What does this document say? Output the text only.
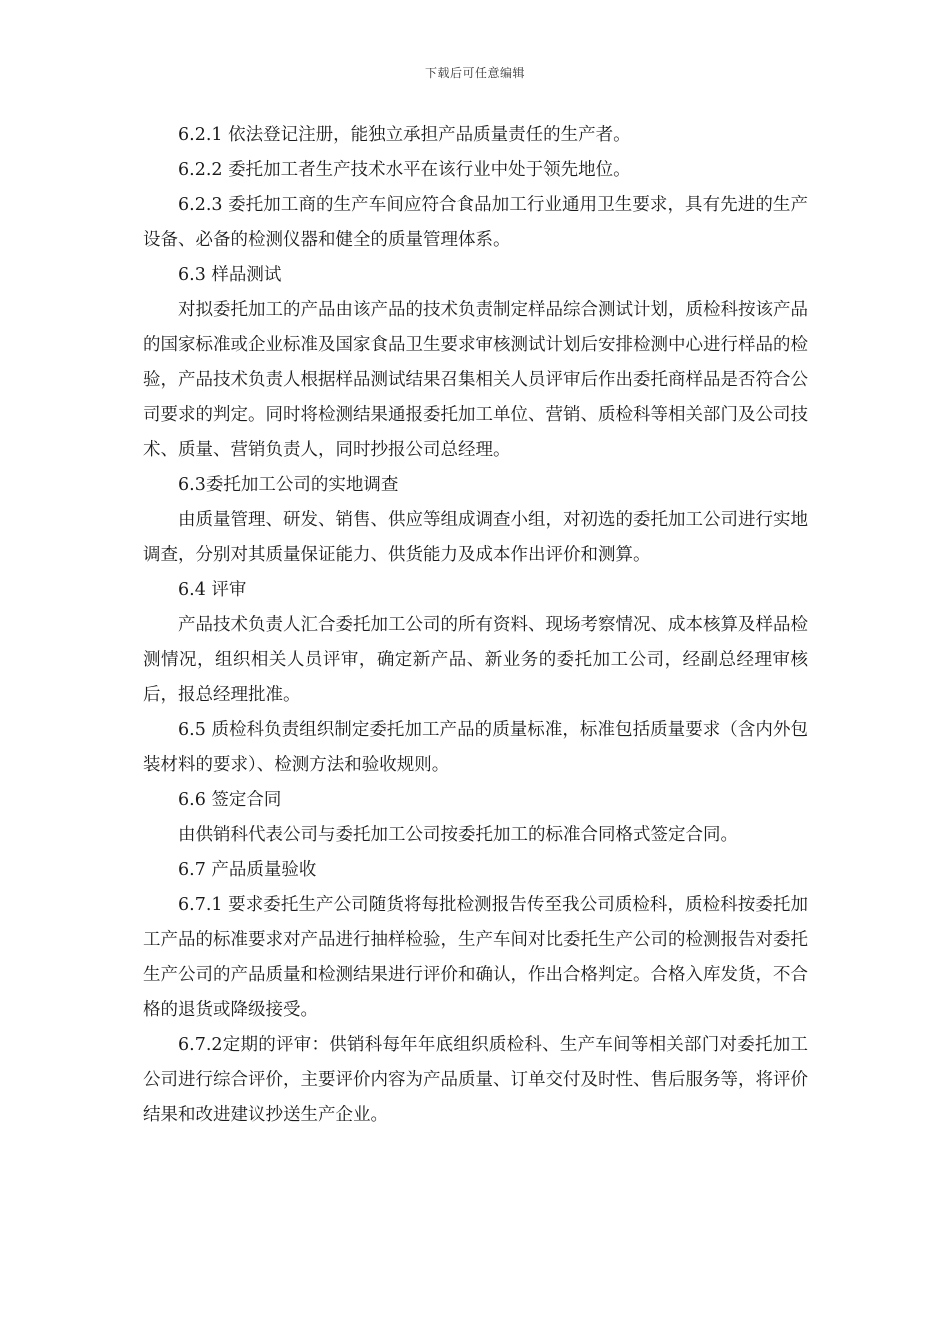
下载后可任意编辑

6.2.1 依法登记注册，能独立承担产品质量责任的生产者。

6.2.2 委托加工者生产技术水平在该行业中处于领先地位。

6.2.3 委托加工商的生产车间应符合食品加工行业通用卫生要求，具有先进的生产设备、必备的检测仪器和健全的质量管理体系。

6.3 样品测试

对拟委托加工的产品由该产品的技术负责制定样品综合测试计划，质检科按该产品的国家标准或企业标准及国家食品卫生要求审核测试计划后安排检测中心进行样品的检验，产品技术负责人根据样品测试结果召集相关人员评审后作出委托商样品是否符合公司要求的判定。同时将检测结果通报委托加工单位、营销、质检科等相关部门及公司技术、质量、营销负责人，同时抄报公司总经理。

6.3委托加工公司的实地调查

由质量管理、研发、销售、供应等组成调查小组，对初选的委托加工公司进行实地调查，分别对其质量保证能力、供货能力及成本作出评价和测算。

6.4 评审

产品技术负责人汇合委托加工公司的所有资料、现场考察情况、成本核算及样品检测情况，组织相关人员评审，确定新产品、新业务的委托加工公司，经副总经理审核后，报总经理批准。

6.5 质检科负责组织制定委托加工产品的质量标准，标准包括质量要求（含内外包装材料的要求）、检测方法和验收规则。

6.6 签定合同

由供销科代表公司与委托加工公司按委托加工的标准合同格式签定合同。

6.7 产品质量验收

6.7.1 要求委托生产公司随货将每批检测报告传至我公司质检科，质检科按委托加工产品的标准要求对产品进行抽样检验，生产车间对比委托生产公司的检测报告对委托生产公司的产品质量和检测结果进行评价和确认，作出合格判定。合格入库发货，不合格的退货或降级接受。

6.7.2定期的评审：供销科每年年底组织质检科、生产车间等相关部门对委托加工公司进行综合评价，主要评价内容为产品质量、订单交付及时性、售后服务等，将评价结果和改进建议抄送生产企业。
